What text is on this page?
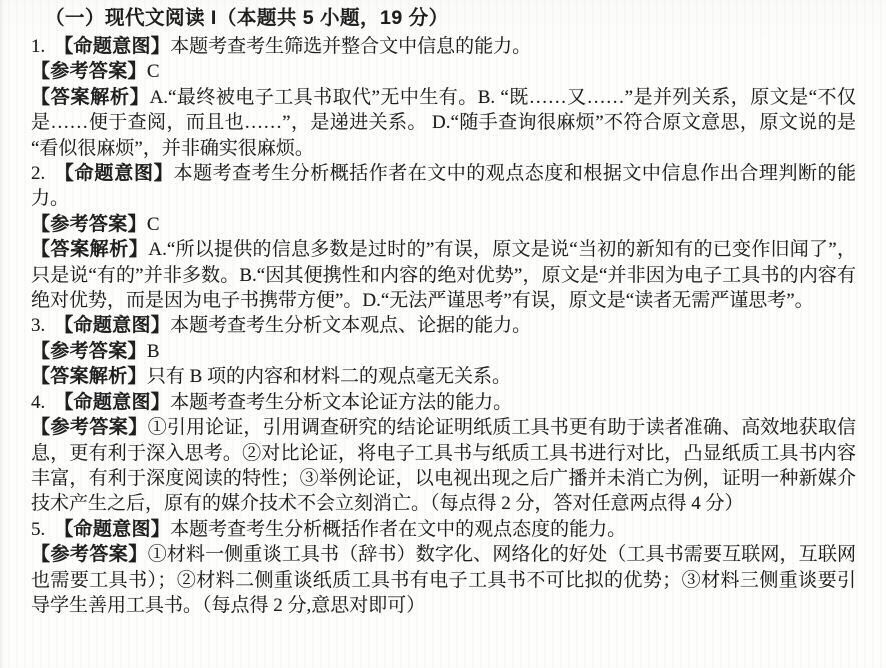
（一）现代文阅读 I（本题共 5 小题，19 分）

1. 【命题意图】本题考查考生筛选并整合文中信息的能力。

【参考答案】C

【答案解析】A.“最终被电子工具书取代”无中生有。B. “既……又……”是并列关系，原文是“不仅是……便于查阅，而且也……”，是递进关系。 D.“随手查询很麻烦”不符合原文意思，原文说的是“看似很麻烦”，并非确实很麻烦。

2. 【命题意图】本题考查考生分析概括作者在文中的观点态度和根据文中信息作出合理判断的能力。

【参考答案】C

【答案解析】A.“所以提供的信息多数是过时的”有误，原文是说“当初的新知有的已变作旧闻了”，只是说“有的”并非多数。B.“因其便携性和内容的绝对优势”，原文是“并非因为电子工具书的内容有绝对优势，而是因为电子书携带方便”。D.“无法严谨思考”有误，原文是“读者无需严谨思考”。

3. 【命题意图】本题考查考生分析文本观点、论据的能力。

【参考答案】B

【答案解析】只有 B 项的内容和材料二的观点毫无关系。

4. 【命题意图】本题考查考生分析文本论证方法的能力。

【参考答案】①引用论证，引用调查研究的结论证明纸质工具书更有助于读者准确、高效地获取信息，更有利于深入思考。②对比论证，将电子工具书与纸质工具书进行对比，凸显纸质工具书内容丰富，有利于深度阅读的特性；③举例论证，以电视出现之后广播并未消亡为例，证明一种新媒介技术产生之后，原有的媒介技术不会立刻消亡。（每点得 2 分，答对任意两点得 4 分）

5. 【命题意图】本题考查考生分析概括作者在文中的观点态度的能力。

【参考答案】①材料一侧重谈工具书（辞书）数字化、网络化的好处（工具书需要互联网，互联网也需要工具书）；②材料二侧重谈纸质工具书有电子工具书不可比拟的优势；③材料三侧重谈要引导学生善用工具书。（每点得 2 分,意思对即可）
